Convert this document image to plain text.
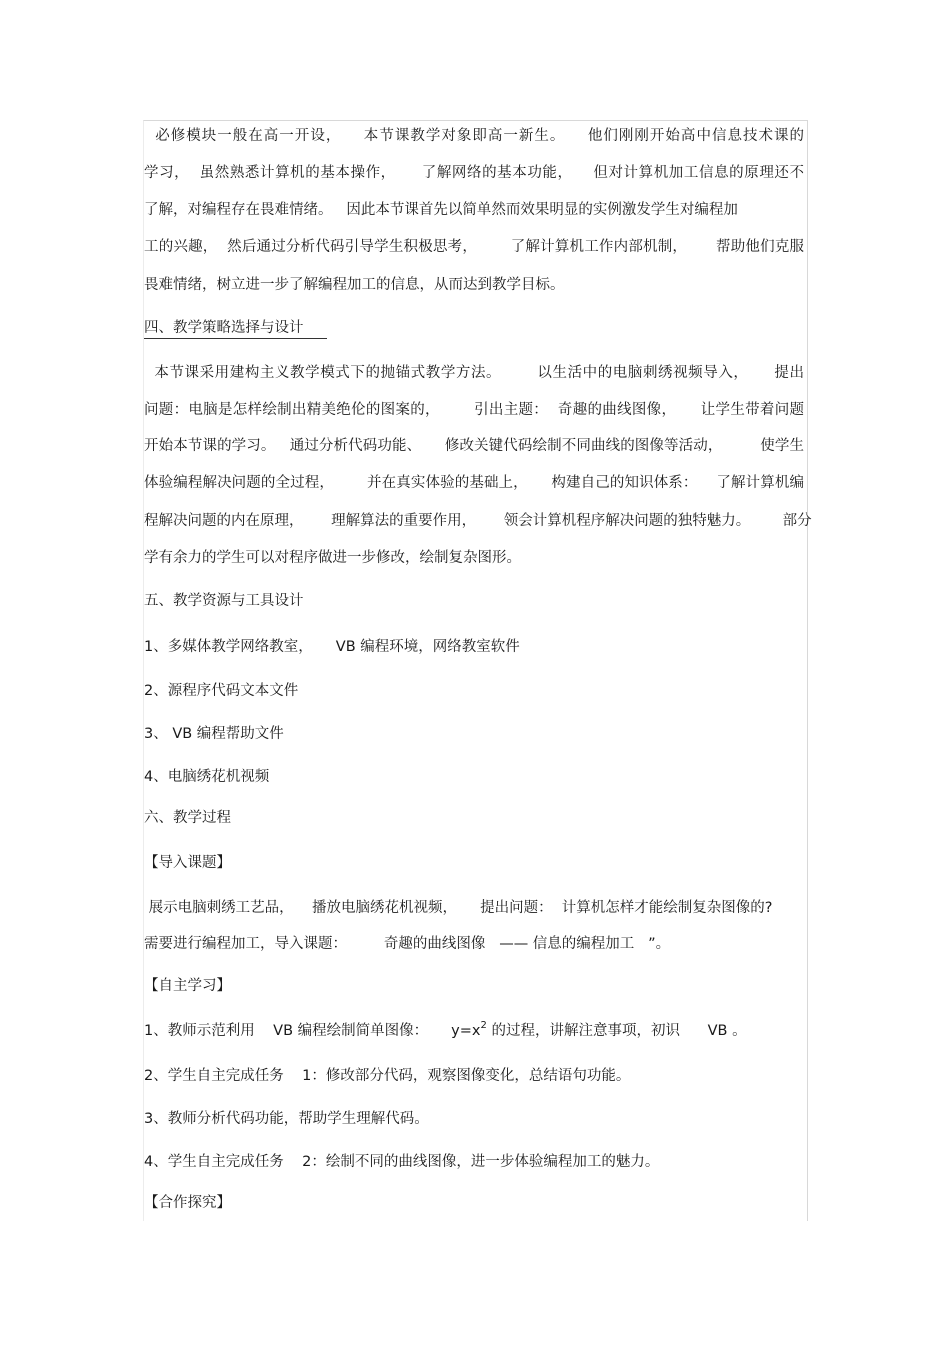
必修模块一般在高一开设，    本节课教学对象即高一新生。    他们刚刚开始高中信息技术课的
学习，  虽然熟悉计算机的基本操作，     了解网络的基本功能，    但对计算机加工信息的原理还不
了解，对编程存在畏难情绪。   因此本节课首先以简单然而效果明显的实例激发学生对编程加
工的兴趣，  然后通过分析代码引导学生积极思考，       了解计算机工作内部机制，      帮助他们克服
畏难情绪，树立进一步了解编程加工的信息，从而达到教学目标。
四、教学策略选择与设计
本节课采用建构主义教学模式下的抛锚式教学方法。       以生活中的电脑刺绣视频导入，     提出
问题：电脑是怎样绘制出精美绝伦的图案的，       引出主题：  奇趣的曲线图像，     让学生带着问题
开始本节课的学习。   通过分析代码功能、     修改关键代码绘制不同曲线的图像等活动，        使学生
体验编程解决问题的全过程，       并在真实体验的基础上，     构建自己的知识体系：    了解计算机编
程解决问题的内在原理，      理解算法的重要作用，      领会计算机程序解决问题的独特魅力。       部分
学有余力的学生可以对程序做进一步修改，绘制复杂图形。
五、教学资源与工具设计
1、多媒体教学网络教室，     VB 编程环境，网络教室软件
2、源程序代码文本文件
3、 VB 编程帮助文件
4、电脑绣花机视频
六、教学过程
【导入课题】
展示电脑刺绣工艺品，    播放电脑绣花机视频，     提出问题：  计算机怎样才能绘制复杂图像的?
需要进行编程加工，导入课题：        奇趣的曲线图像   —— 信息的编程加工   ”。
【自主学习】
1、教师示范利用    VB 编程绘制简单图像：     $y=x^2$ 的过程，讲解注意事项，初识      VB 。
2、学生自主完成任务    1：修改部分代码，观察图像变化，总结语句功能。
3、教师分析代码功能，帮助学生理解代码。
4、学生自主完成任务    2：绘制不同的曲线图像，进一步体验编程加工的魅力。
【合作探究】
